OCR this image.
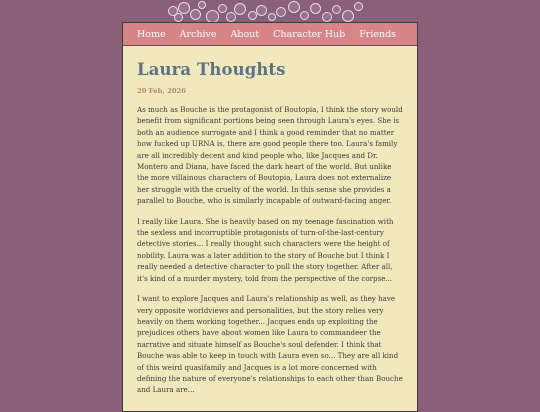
Home Archive About Character Hub Friends
Laura Thoughts
20 Feb, 2026

As much as Bouche is the protagonist of Boutopia, I think the story would benefit from significant portions being seen through Laura's eyes. She is both an audience surrogate and I think a good reminder that no matter how fucked up URNA is, there are good people there too. Laura's family are all incredibly decent and kind people who, like Jacques and Dr. Montero and Diana, have faced the dark heart of the world. But unlike the more villainous characters of Boutopia, Laura does not externalize her struggle with the cruelty of the world. In this sense she provides a parallel to Bouche, who is similarly incapable of outward-facing anger.

I really like Laura. She is heavily based on my teenage fascination with the sexless and incorruptible protagonists of turn-of-the-last-century detective stories... I really thought such characters were the height of nobility. Laura was a later addition to the story of Bouche but I think I really needed a detective character to pull the story together. After all, it's kind of a murder mystery, told from the perspective of the corpse...

I want to explore Jacques and Laura's relationship as well, as they have very opposite worldviews and personalities, but the story relies very heavily on them working together... Jacques ends up exploiting the prejudices others have about women like Laura to commandeer the narrative and situate himself as Bouche's soul defender. I think that Bouche was able to keep in touch with Laura even so... They are all kind of this weird quasifamily and Jacques is a lot more concerned with defining the nature of everyone's relationships to each other than Bouche and Laura are...
